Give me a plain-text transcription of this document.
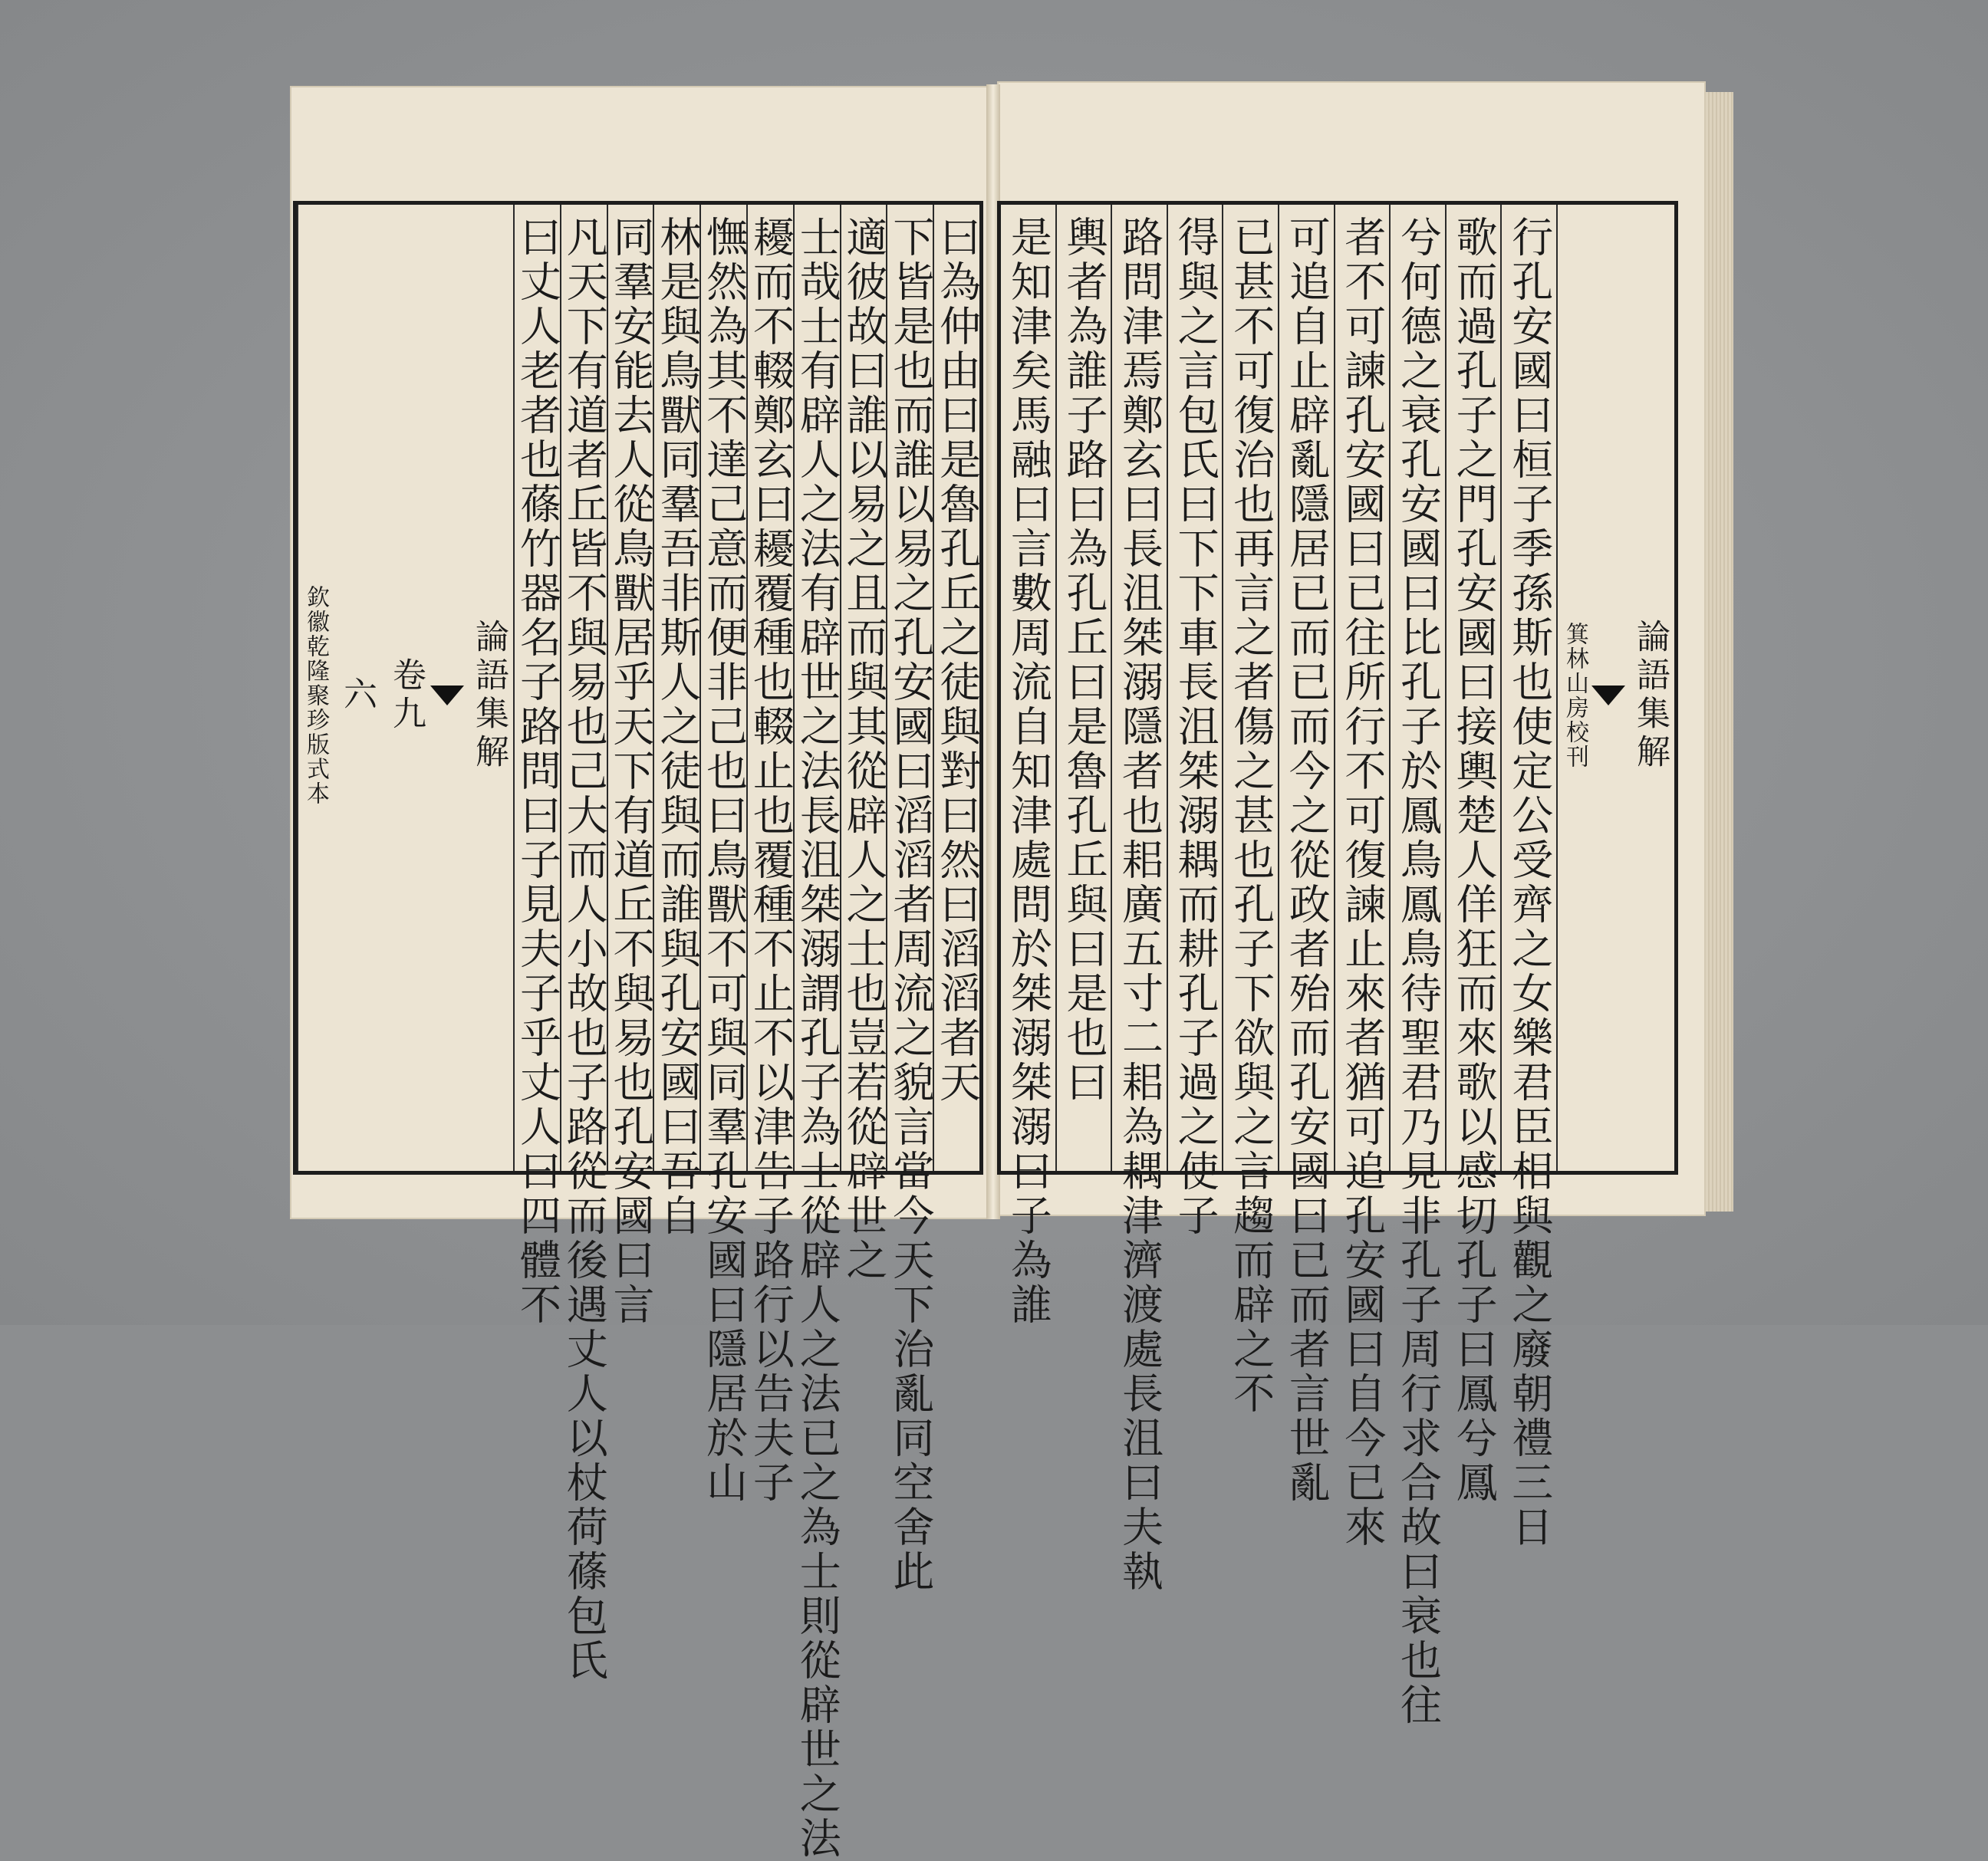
曰為仲由曰是魯孔丘之徒與對曰然曰滔滔者天
下皆是也而誰以易之孔安國曰滔滔者周流之貌言當今天下治亂同空舍此
適彼故曰誰以易之且而與其從辟人之士也豈若從辟世之
士哉士有辟人之法有辟世之法長沮桀溺謂孔子為士從辟人之法已之為士則從辟世之法
耰而不輟鄭玄曰耰覆種也輟止也覆種不止不以津告子路行以告夫子
憮然為其不達己意而便非己也曰鳥獸不可與同羣孔安國曰隱居於山
林是與鳥獸同羣吾非斯人之徒與而誰與孔安國曰吾自
同羣安能去人從鳥獸居乎天下有道丘不與易也孔安國曰言
凡天下有道者丘皆不與易也己大而人小故也子路從而後遇丈人以杖荷蓧包氏
曰丈人老者也蓧竹器名子路問曰子見夫子乎丈人曰四體不
論語集解
卷九
六
欽徽乾隆聚珍版式本	論語集解
箕林山房校刊
行孔安國曰桓子季孫斯也使定公受齊之女樂君臣相與觀之廢朝禮三日
歌而過孔子之門孔安國曰接輿楚人佯狂而來歌以感切孔子曰鳳兮鳳
兮何德之衰孔安國曰比孔子於鳳鳥鳳鳥待聖君乃見非孔子周行求合故曰衰也往
者不可諫孔安國曰已往所行不可復諫止來者猶可追孔安國曰自今已來
可追自止辟亂隱居已而已而今之從政者殆而孔安國曰已而者言世亂
已甚不可復治也再言之者傷之甚也孔子下欲與之言趨而辟之不
得與之言包氏曰下下車長沮桀溺耦而耕孔子過之使子
路問津焉鄭玄曰長沮桀溺隱者也耜廣五寸二耜為耦津濟渡處長沮曰夫執
輿者為誰子路曰為孔丘曰是魯孔丘與曰是也曰
是知津矣馬融曰言數周流自知津處問於桀溺桀溺曰子為誰
